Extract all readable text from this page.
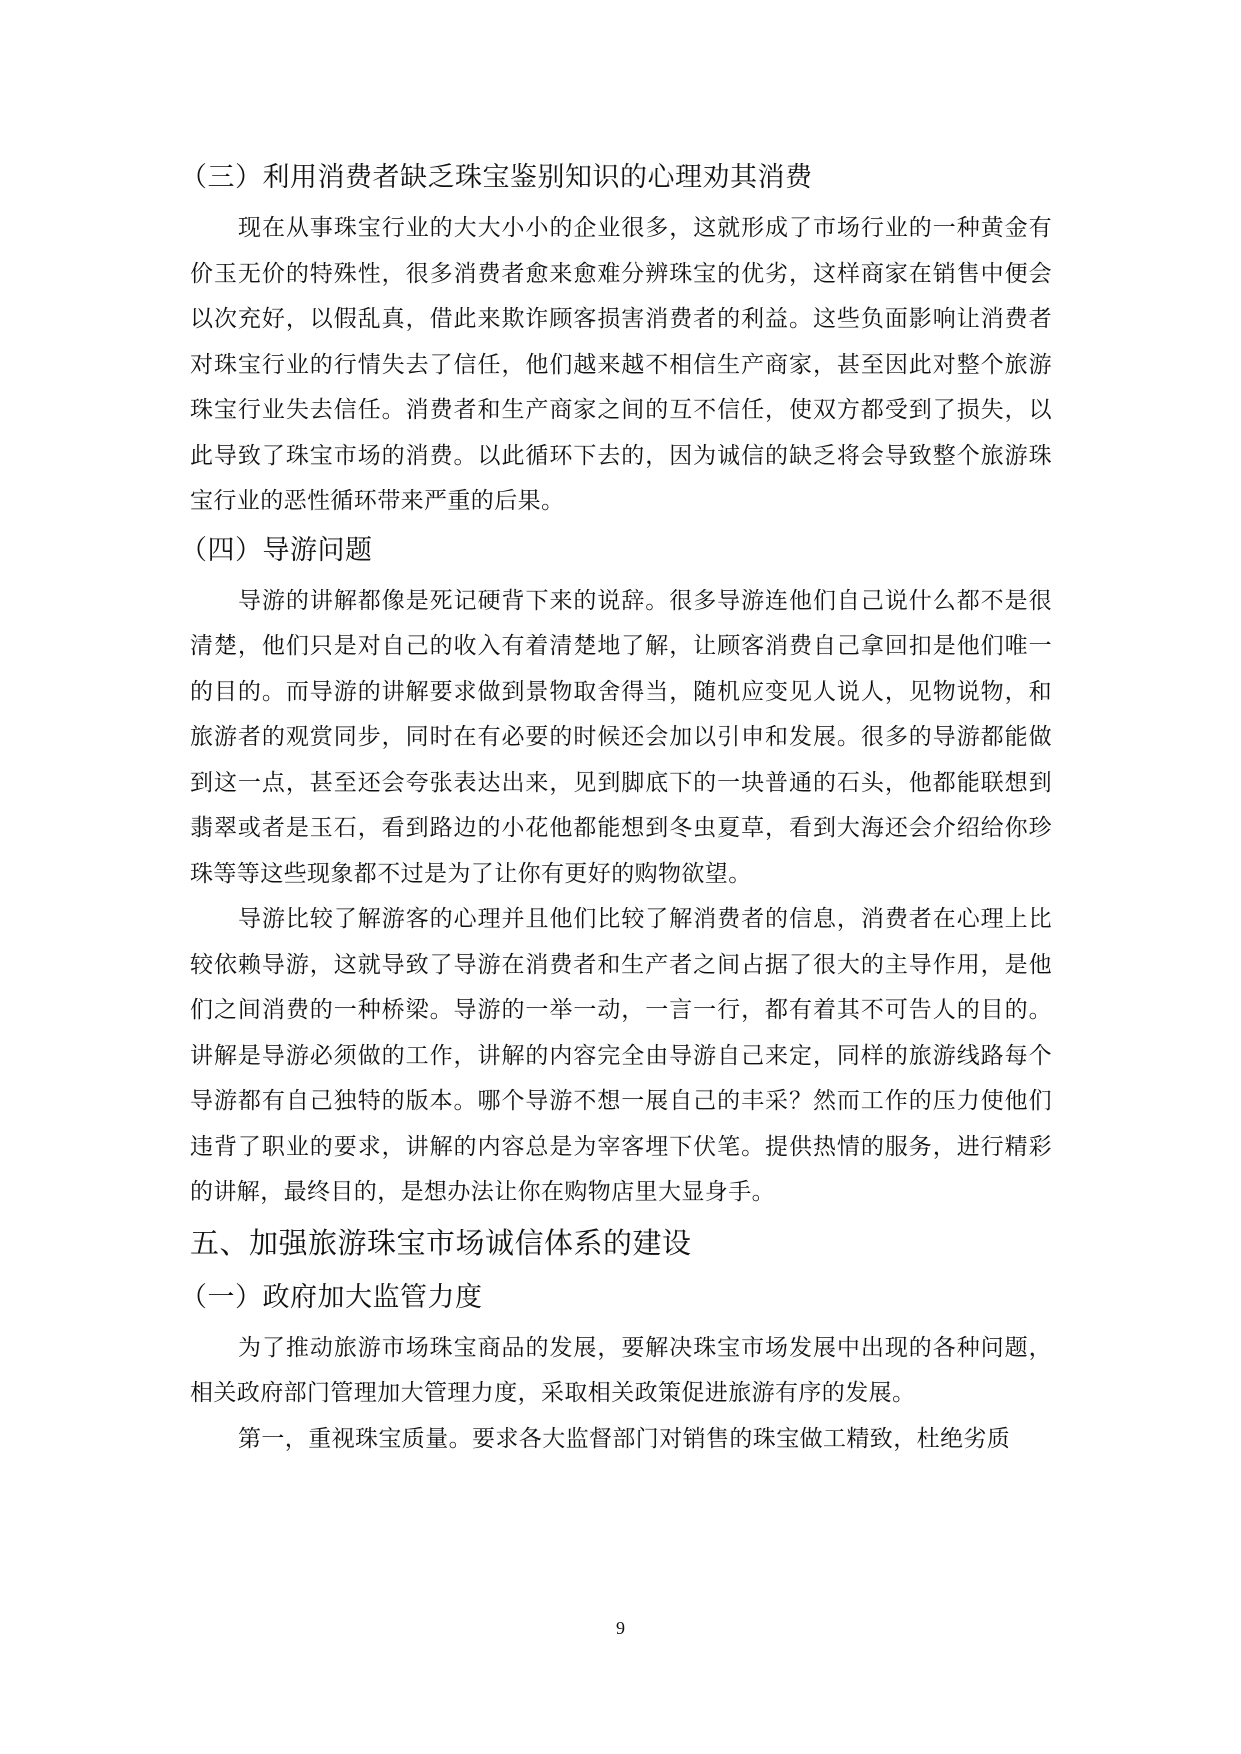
（三）利用消费者缺乏珠宝鉴别知识的心理劝其消费

现在从事珠宝行业的大大小小的企业很多，这就形成了市场行业的一种黄金有价玉无价的特殊性，很多消费者愈来愈难分辨珠宝的优劣，这样商家在销售中便会以次充好，以假乱真，借此来欺诈顾客损害消费者的利益。这些负面影响让消费者对珠宝行业的行情失去了信任，他们越来越不相信生产商家，甚至因此对整个旅游珠宝行业失去信任。消费者和生产商家之间的互不信任，使双方都受到了损失，以此导致了珠宝市场的消费。以此循环下去的，因为诚信的缺乏将会导致整个旅游珠宝行业的恶性循环带来严重的后果。

（四）导游问题

导游的讲解都像是死记硬背下来的说辞。很多导游连他们自己说什么都不是很清楚，他们只是对自己的收入有着清楚地了解，让顾客消费自己拿回扣是他们唯一的目的。而导游的讲解要求做到景物取舍得当，随机应变见人说人，见物说物，和旅游者的观赏同步，同时在有必要的时候还会加以引申和发展。很多的导游都能做到这一点，甚至还会夸张表达出来，见到脚底下的一块普通的石头，他都能联想到翡翠或者是玉石，看到路边的小花他都能想到冬虫夏草，看到大海还会介绍给你珍珠等等这些现象都不过是为了让你有更好的购物欲望。

导游比较了解游客的心理并且他们比较了解消费者的信息，消费者在心理上比较依赖导游，这就导致了导游在消费者和生产者之间占据了很大的主导作用，是他们之间消费的一种桥梁。导游的一举一动，一言一行，都有着其不可告人的目的。讲解是导游必须做的工作，讲解的内容完全由导游自己来定，同样的旅游线路每个导游都有自己独特的版本。哪个导游不想一展自己的丰采？然而工作的压力使他们违背了职业的要求，讲解的内容总是为宰客埋下伏笔。提供热情的服务，进行精彩的讲解，最终目的，是想办法让你在购物店里大显身手。

五、加强旅游珠宝市场诚信体系的建设
（一）政府加大监管力度

为了推动旅游市场珠宝商品的发展，要解决珠宝市场发展中出现的各种问题，相关政府部门管理加大管理力度，采取相关政策促进旅游有序的发展。

第一，重视珠宝质量。要求各大监督部门对销售的珠宝做工精致，杜绝劣质

9
